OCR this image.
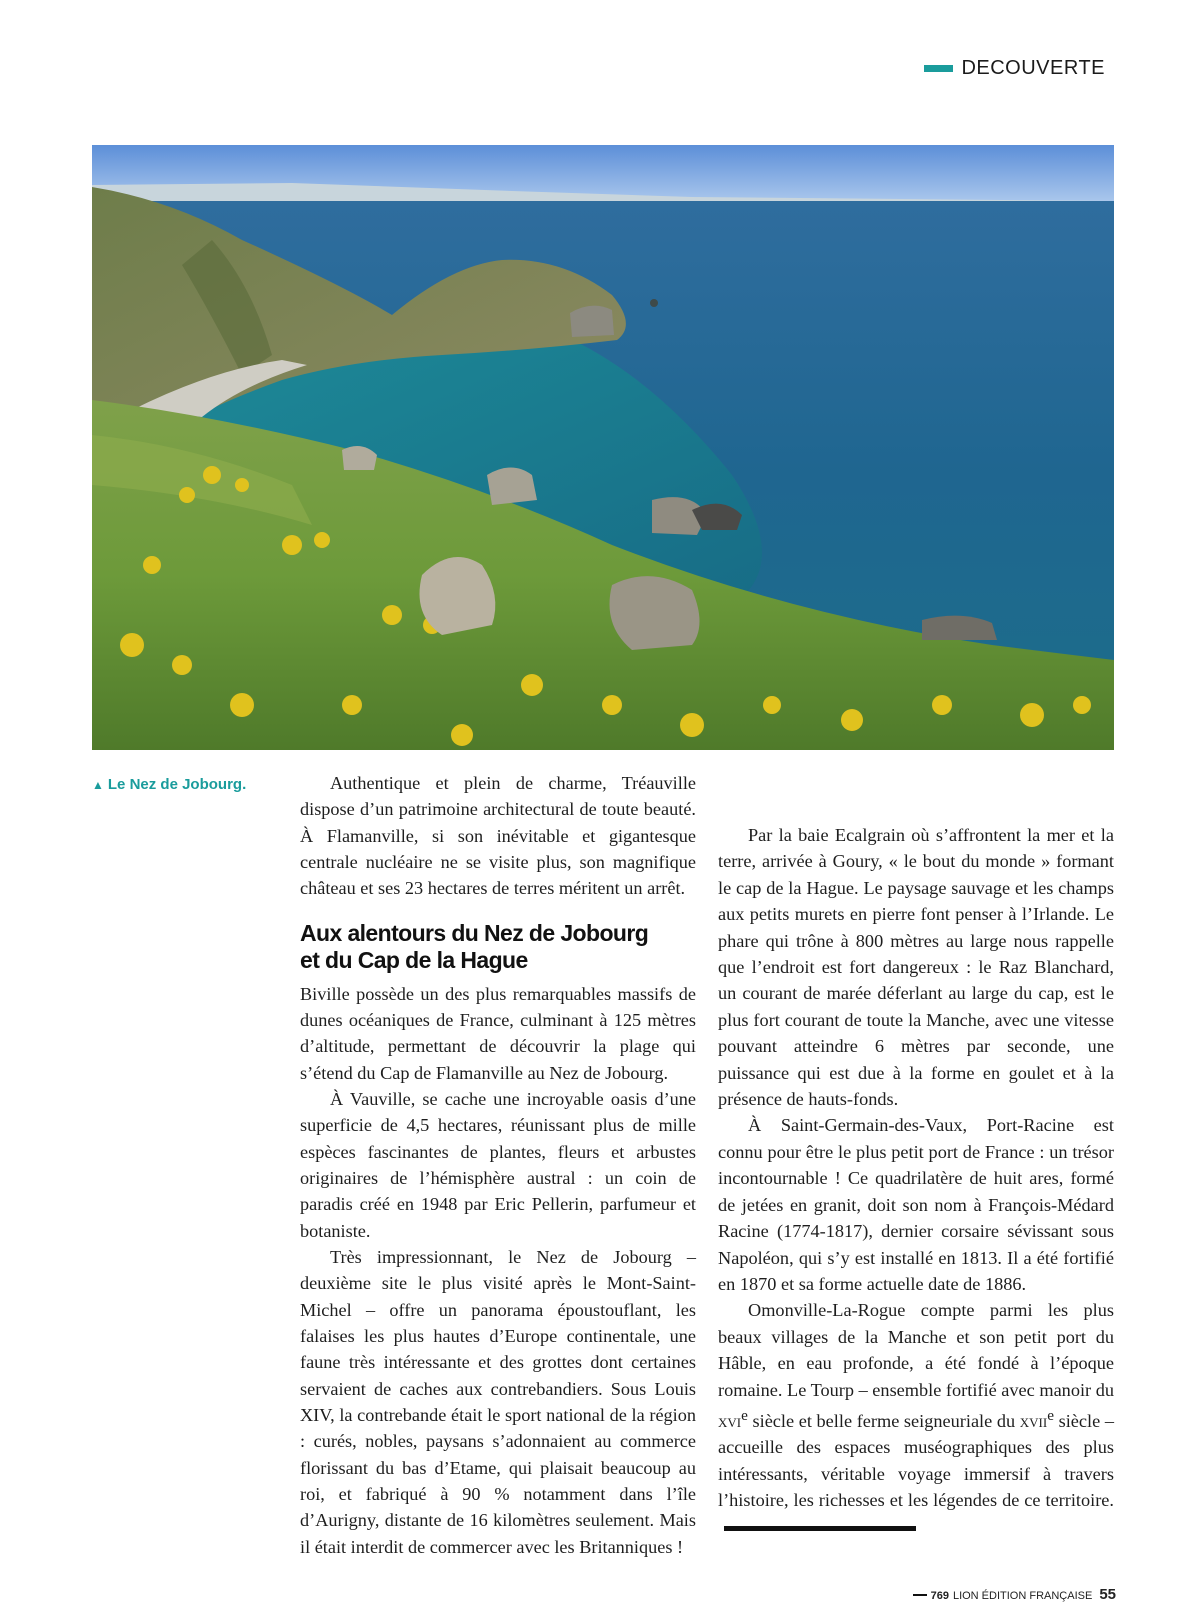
DECOUVERTE
▲ Le Nez de Jobourg.	Authentique et plein de charme, Tréauville dispose d’un patrimoine architectural de toute beauté. À Flamanville, si son inévitable et gigantesque centrale nucléaire ne se visite plus, son magnifique château et ses 23 hectares de terres méritent un arrêt.

Aux alentours du Nez de Jobourg
et du Cap de la Hague

Biville possède un des plus remarquables massifs de dunes océaniques de France, culminant à 125 mètres d’altitude, permettant de découvrir la plage qui s’étend du Cap de Flamanville au Nez de Jobourg.

À Vauville, se cache une incroyable oasis d’une superficie de 4,5 hectares, réunissant plus de mille espèces fascinantes de plantes, fleurs et arbustes originaires de l’hémisphère austral : un coin de paradis créé en 1948 par Eric Pellerin, parfumeur et botaniste.

Très impressionnant, le Nez de Jobourg – deuxième site le plus visité après le Mont-Saint-Michel – offre un panorama époustouflant, les falaises les plus hautes d’Europe continentale, une faune très intéressante et des grottes dont certaines servaient de caches aux contrebandiers. Sous Louis XIV, la contrebande était le sport national de la région : curés, nobles, paysans s’adonnaient au commerce florissant du bas d’Etame, qui plaisait beaucoup au roi, et fabriqué à 90 % notamment dans l’île d’Aurigny, distante de 16 kilomètres seulement. Mais il était interdit de commercer avec les Britanniques !

Par la baie Ecalgrain où s’affrontent la mer et la terre, arrivée à Goury, « le bout du monde » formant le cap de la Hague. Le paysage sauvage et les champs aux petits murets en pierre font penser à l’Irlande. Le phare qui trône à 800 mètres au large nous rappelle que l’endroit est fort dangereux : le Raz Blanchard, un courant de marée déferlant au large du cap, est le plus fort courant de toute la Manche, avec une vitesse pouvant atteindre 6 mètres par seconde, une puissance qui est due à la forme en goulet et à la présence de hauts-fonds.

À Saint-Germain-des-Vaux, Port-Racine est connu pour être le plus petit port de France : un trésor incontournable ! Ce quadrilatère de huit ares, formé de jetées en granit, doit son nom à François-Médard Racine (1774-1817), dernier corsaire sévissant sous Napoléon, qui s’y est installé en 1813. Il a été fortifié en 1870 et sa forme actuelle date de 1886.

Omonville-La-Rogue compte parmi les plus beaux villages de la Manche et son petit port du Hâble, en eau profonde, a été fondé à l’époque romaine. Le Tourp – ensemble fortifié avec manoir du xvi$^e$ siècle et belle ferme seigneuriale du xvii$^e$ siècle – accueille des espaces muséographiques des plus intéressants, véritable voyage immersif à travers l’histoire, les richesses et les légendes de ce territoire.

769 LION ÉDITION FRANÇAISE 55
